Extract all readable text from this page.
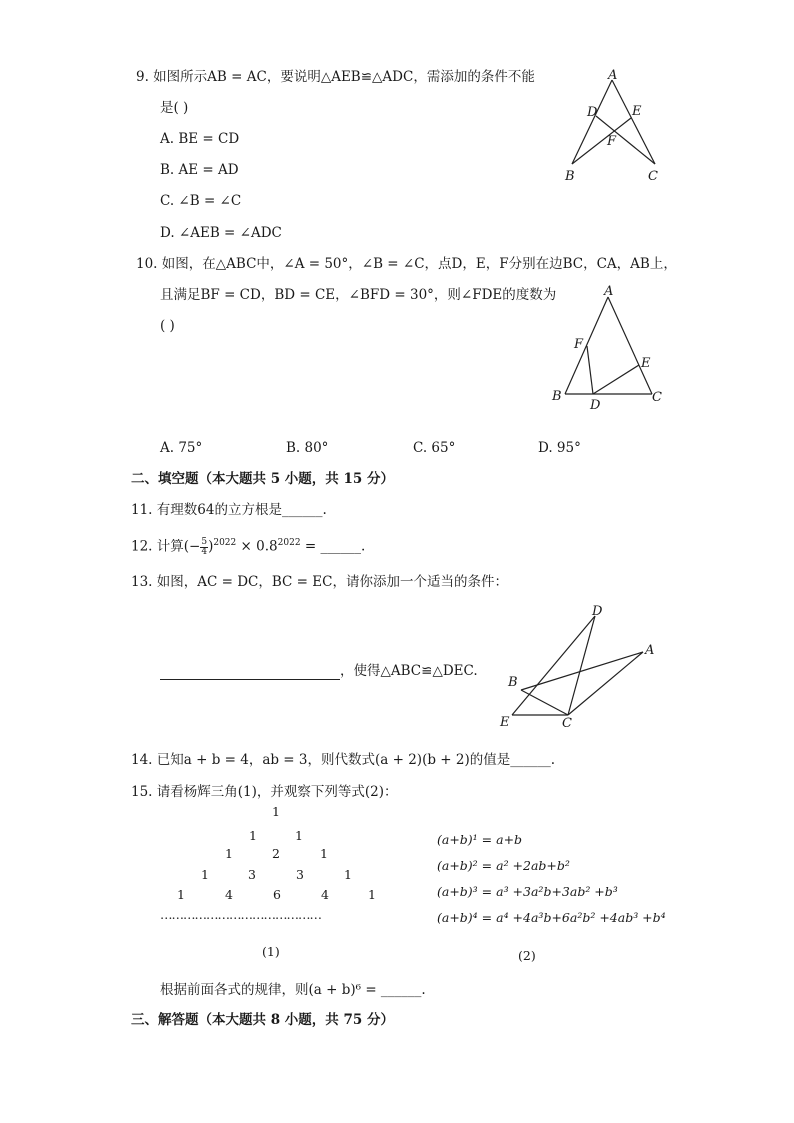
9. 如图所示AB = AC，要说明△AEB≌△ADC，需添加的条件不能
是( )
A. BE = CD
B. AE = AD
C. ∠B = ∠C
D. ∠AEB = ∠ADC
A
D	E
F
B	C
10. 如图，在△ABC中，∠A = 50°，∠B = ∠C，点D，E，F分别在边BC，CA，AB上，
且满足BF = CD，BD = CE，∠BFD = 30°，则∠FDE的度数为
( )
A
F
E
B
D
C
A. 75°	B. 80°	C. 65°	D. 95°
二、填空题（本大题共 5 小题，共 15 分）
11. 有理数64的立方根是______.
12. 计算(− $\frac{5}{4} )^{2022} \times 0.8^{2022}$ = ______.
13. 如图，AC = DC，BC = EC，请你添加一个适当的条件：
，使得△ABC≌△DEC.
D
A
B
E	C
14. 已知a + b = 4，ab = 3，则代数式(a + 2)(b + 2)的值是______.
15. 请看杨辉三角(1)，并观察下列等式(2)：
1
1	1
1	2	1
1	3	3	1
1	4	6	4	1
……………………………………
(1)
(a+b)¹ = a+b
(a+b)² = a² +2ab+b²
(a+b)³ = a³ +3a²b+3ab² +b³
(a+b)⁴ = a⁴ +4a³b+6a²b² +4ab³ +b⁴
(2)
根据前面各式的规律，则(a + b)⁶ = ______.
三、解答题（本大题共 8 小题，共 75 分）
